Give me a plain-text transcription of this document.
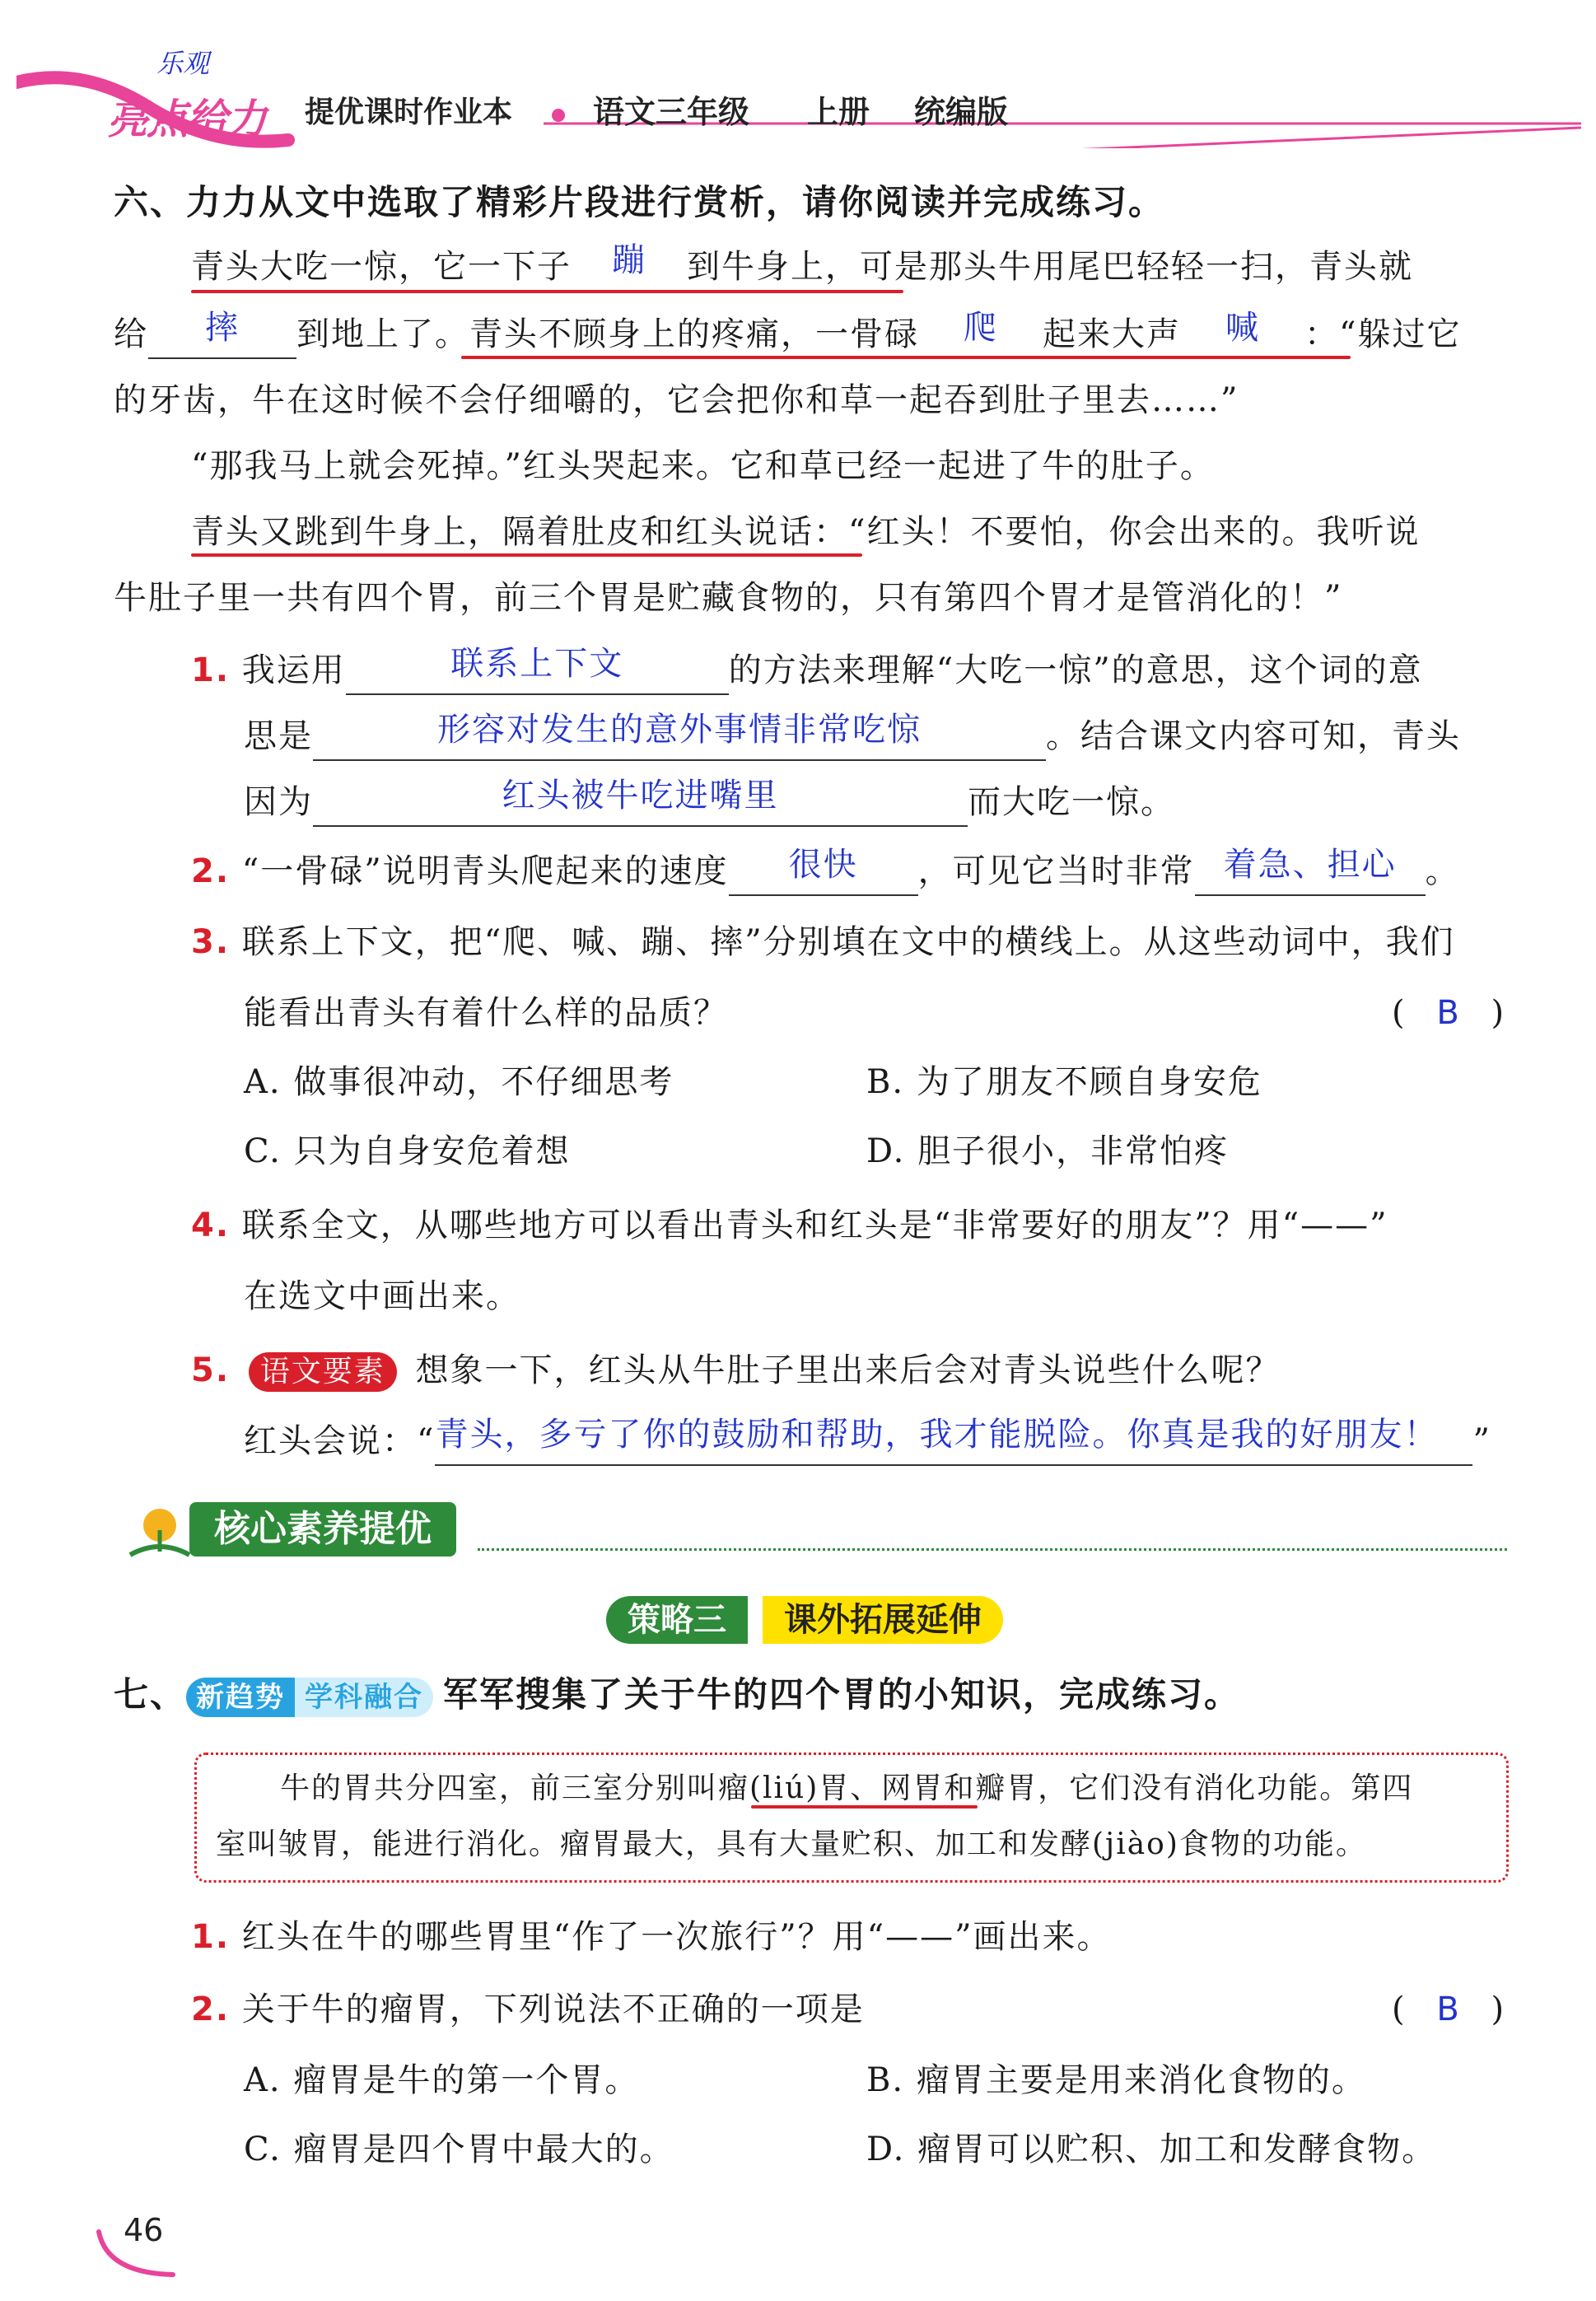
乐观
亮点给力 提优课时作业本	语文三年级 上册 统编版
六、力力从文中选取了精彩片段进行赏析，请你阅读并完成练习。
青头大吃一惊，它一下子 蹦 到牛身上，可是那头牛用尾巴轻轻一扫，青头就
给 摔 到地上了。青头不顾身上的疼痛，一骨碌 爬 起来大声 喊 ：“躲过它
的牙齿，牛在这时候不会仔细嚼的，它会把你和草一起吞到肚子里去……”
“那我马上就会死掉。”红头哭起来。它和草已经一起进了牛的肚子。
青头又跳到牛身上，隔着肚皮和红头说话：“红头！不要怕，你会出来的。我听说
牛肚子里一共有四个胃，前三个胃是贮藏食物的，只有第四个胃才是管消化的！”
1. 我运用	联系上下文	的方法来理解“大吃一惊”的意思，这个词的意
思是	形容对发生的意外事情非常吃惊	。结合课文内容可知，青头
因为	红头被牛吃进嘴里	而大吃一惊。
2. “一骨碌”说明青头爬起来的速度 很快 ，可见它当时非常 着急、担心 。
3. 联系上下文，把“爬、喊、蹦、摔”分别填在文中的横线上。从这些动词中，我们
能看出青头有着什么样的品质？	( B )
A. 做事很冲动，不仔细思考	B. 为了朋友不顾自身安危
C. 只为自身安危着想	D. 胆子很小，非常怕疼
4. 联系全文，从哪些地方可以看出青头和红头是“非常要好的朋友”？用“——”
在选文中画出来。
5. 语文要素 想象一下，红头从牛肚子里出来后会对青头说些什么呢？
红头会说：“青头，多亏了你的鼓励和帮助，我才能脱险。你真是我的好朋友！ ”
核心素养提优
策略三	课外拓展延伸
七、 新趋势 学科融合 军军搜集了关于牛的四个胃的小知识，完成练习。
牛的胃共分四室，前三室分别叫瘤(liú)胃、网胃和瓣胃，它们没有消化功能。第四
室叫皱胃，能进行消化。瘤胃最大，具有大量贮积、加工和发酵(jiào)食物的功能。
1. 红头在牛的哪些胃里“作了一次旅行”？用“——”画出来。
2. 关于牛的瘤胃，下列说法不正确的一项是	( B )
A. 瘤胃是牛的第一个胃。	B. 瘤胃主要是用来消化食物的。
C. 瘤胃是四个胃中最大的。	D. 瘤胃可以贮积、加工和发酵食物。
46
